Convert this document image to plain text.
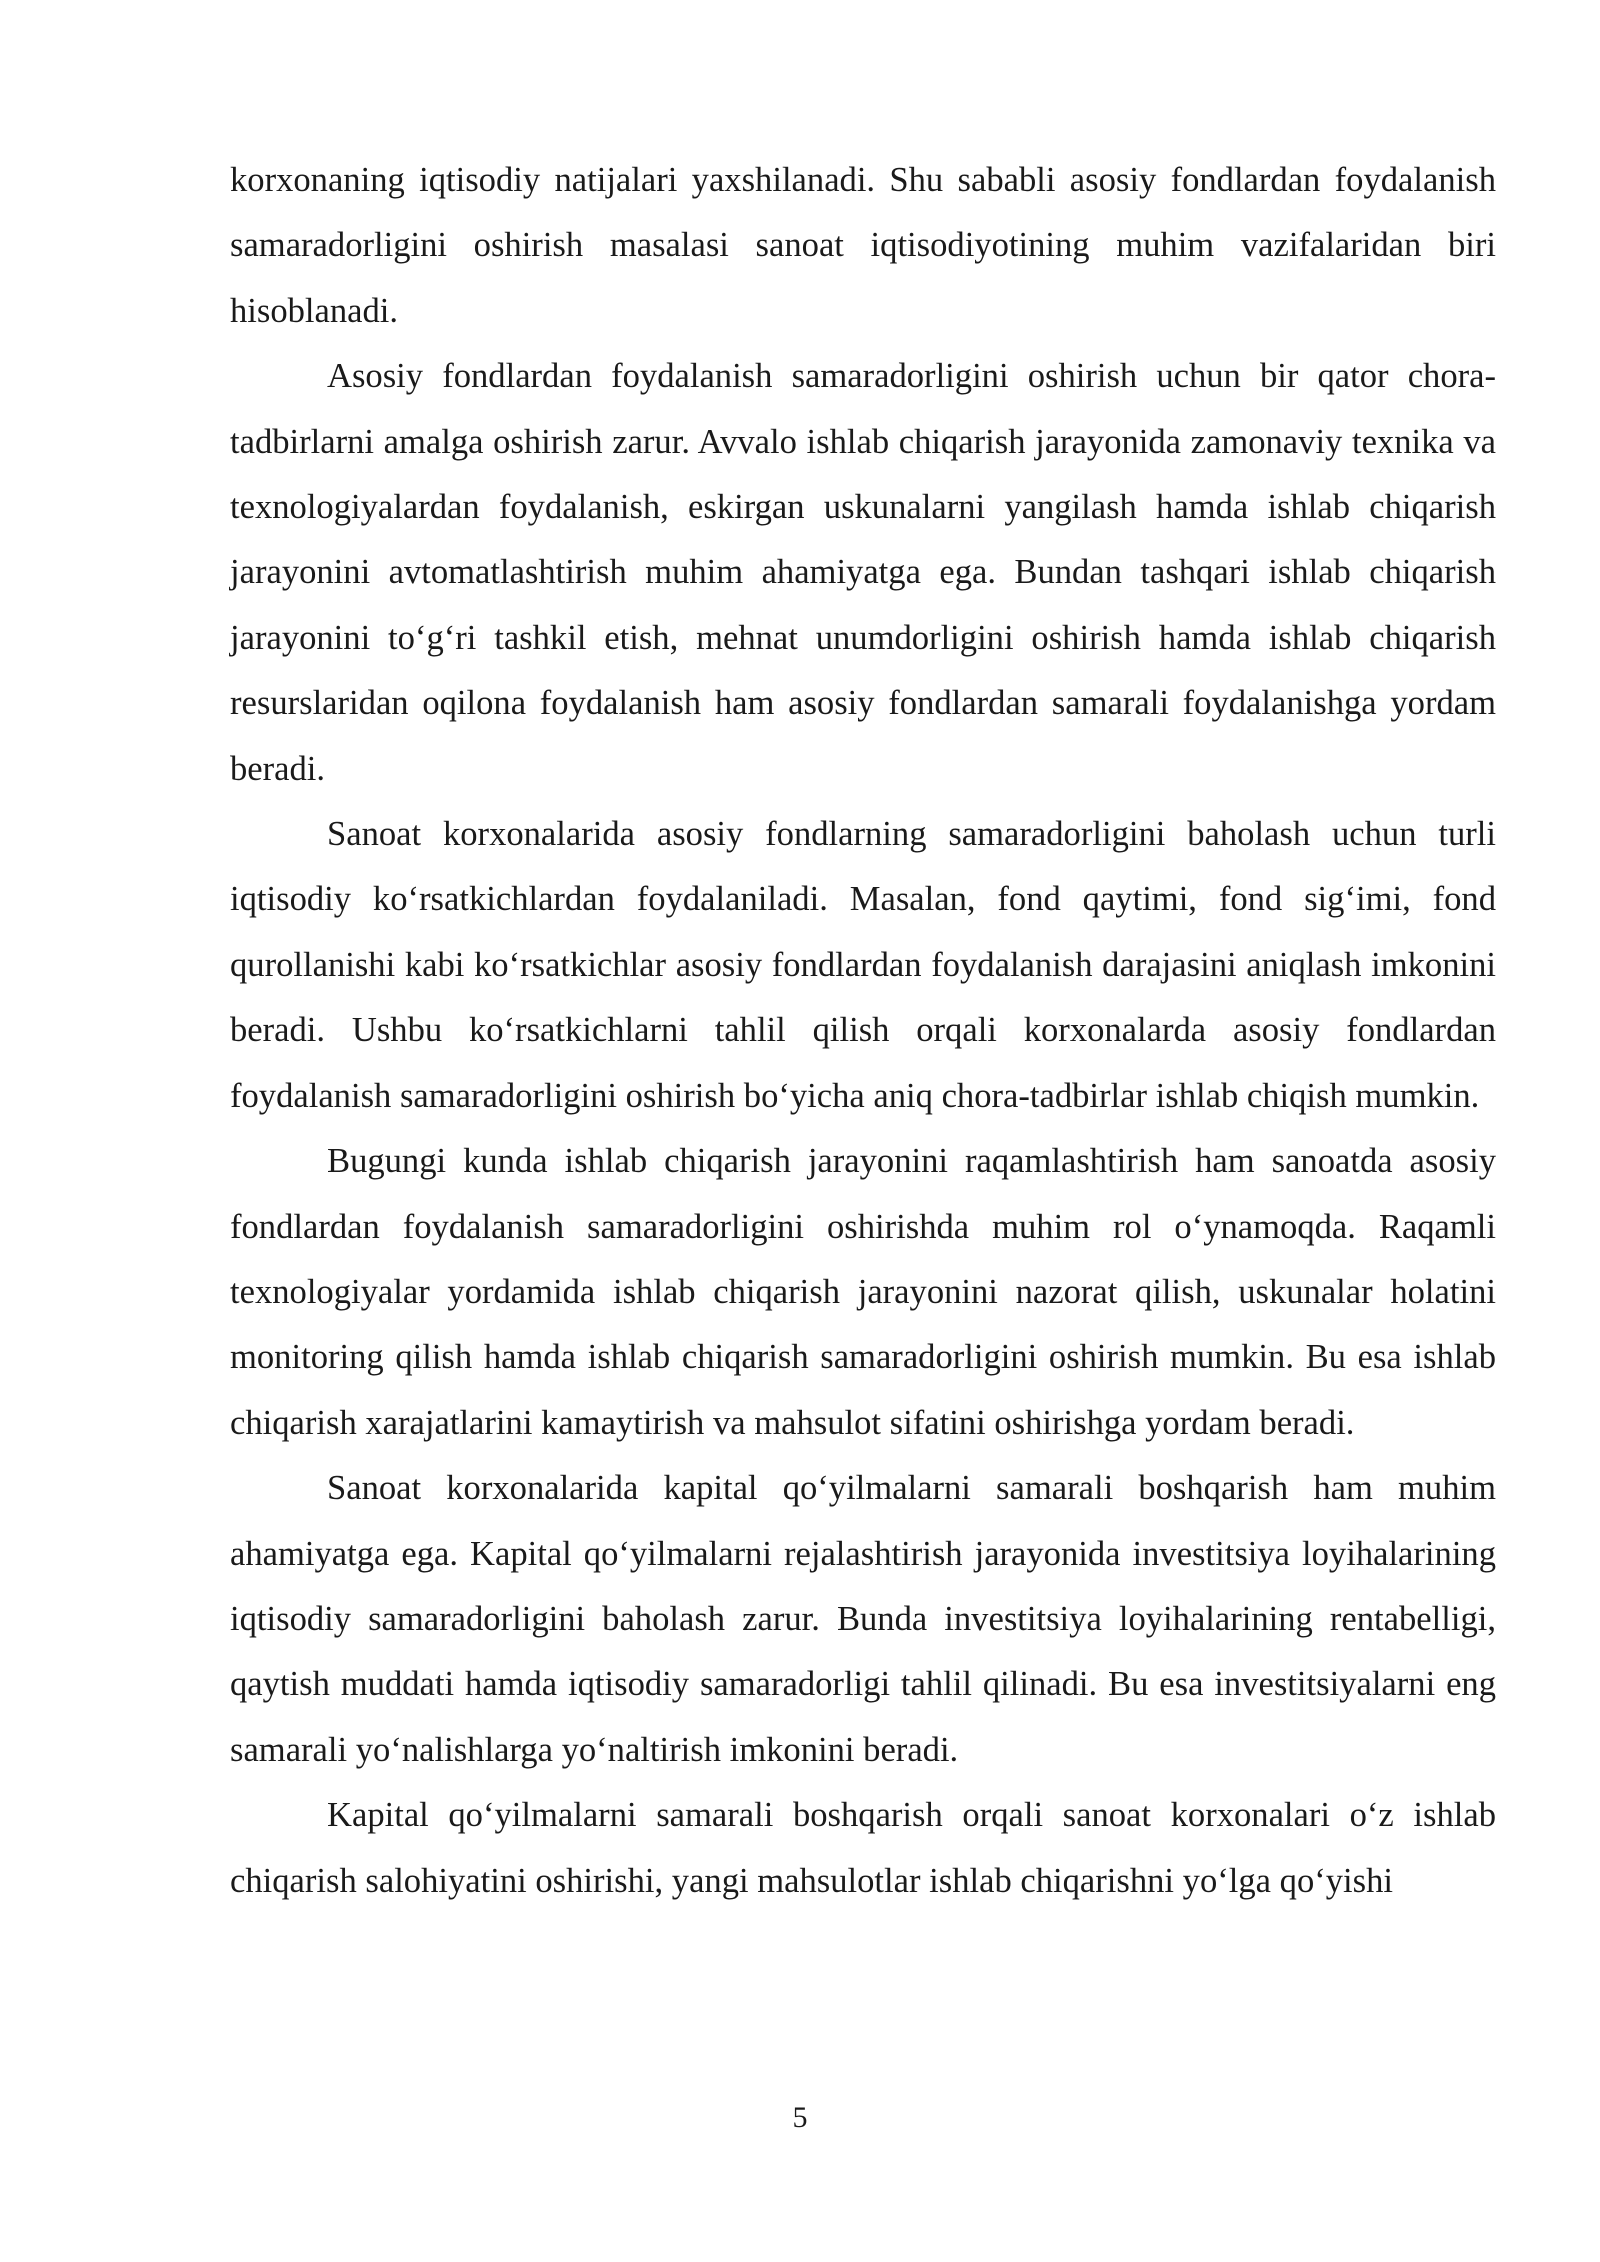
korxonaning iqtisodiy natijalari yaxshilanadi. Shu sababli asosiy fondlardan foydalanish samaradorligini oshirish masalasi sanoat iqtisodiyotining muhim vazifalaridan biri hisoblanadi.

Asosiy fondlardan foydalanish samaradorligini oshirish uchun bir qator chora-tadbirlarni amalga oshirish zarur. Avvalo ishlab chiqarish jarayonida zamonaviy texnika va texnologiyalardan foydalanish, eskirgan uskunalarni yangilash hamda ishlab chiqarish jarayonini avtomatlashtirish muhim ahamiyatga ega. Bundan tashqari ishlab chiqarish jarayonini to‘g‘ri tashkil etish, mehnat unumdorligini oshirish hamda ishlab chiqarish resurslaridan oqilona foydalanish ham asosiy fondlardan samarali foydalanishga yordam beradi.

Sanoat korxonalarida asosiy fondlarning samaradorligini baholash uchun turli iqtisodiy ko‘rsatkichlardan foydalaniladi. Masalan, fond qaytimi, fond sig‘imi, fond qurollanishi kabi ko‘rsatkichlar asosiy fondlardan foydalanish darajasini aniqlash imkonini beradi. Ushbu ko‘rsatkichlarni tahlil qilish orqali korxonalarda asosiy fondlardan foydalanish samaradorligini oshirish bo‘yicha aniq chora-tadbirlar ishlab chiqish mumkin.

Bugungi kunda ishlab chiqarish jarayonini raqamlashtirish ham sanoatda asosiy fondlardan foydalanish samaradorligini oshirishda muhim rol o‘ynamoqda. Raqamli texnologiyalar yordamida ishlab chiqarish jarayonini nazorat qilish, uskunalar holatini monitoring qilish hamda ishlab chiqarish samaradorligini oshirish mumkin. Bu esa ishlab chiqarish xarajatlarini kamaytirish va mahsulot sifatini oshirishga yordam beradi.

Sanoat korxonalarida kapital qo‘yilmalarni samarali boshqarish ham muhim ahamiyatga ega. Kapital qo‘yilmalarni rejalashtirish jarayonida investitsiya loyihalarining iqtisodiy samaradorligini baholash zarur. Bunda investitsiya loyihalarining rentabelligi, qaytish muddati hamda iqtisodiy samaradorligi tahlil qilinadi. Bu esa investitsiyalarni eng samarali yo‘nalishlarga yo‘naltirish imkonini beradi.

Kapital qo‘yilmalarni samarali boshqarish orqali sanoat korxonalari o‘z ishlab chiqarish salohiyatini oshirishi, yangi mahsulotlar ishlab chiqarishni yo‘lga qo‘yishi

5
